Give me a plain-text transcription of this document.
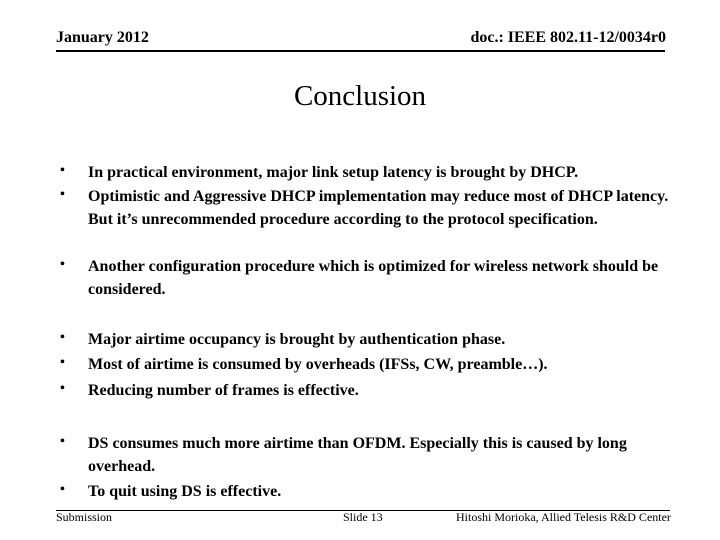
January 2012	doc.: IEEE 802.11-12/0034r0
Conclusion
• In practical environment, major link setup latency is brought by DHCP.
• Optimistic and Aggressive DHCP implementation may reduce most of DHCP latency. But it’s unrecommended procedure according to the protocol specification.
• Another configuration procedure which is optimized for wireless network should be considered.
• Major airtime occupancy is brought by authentication phase.
• Most of airtime is consumed by overheads (IFSs, CW, preamble…).
• Reducing number of frames is effective.
• DS consumes much more airtime than OFDM. Especially this is caused by long overhead.
• To quit using DS is effective.
Submission	Slide 13	Hitoshi Morioka, Allied Telesis R&D Center
